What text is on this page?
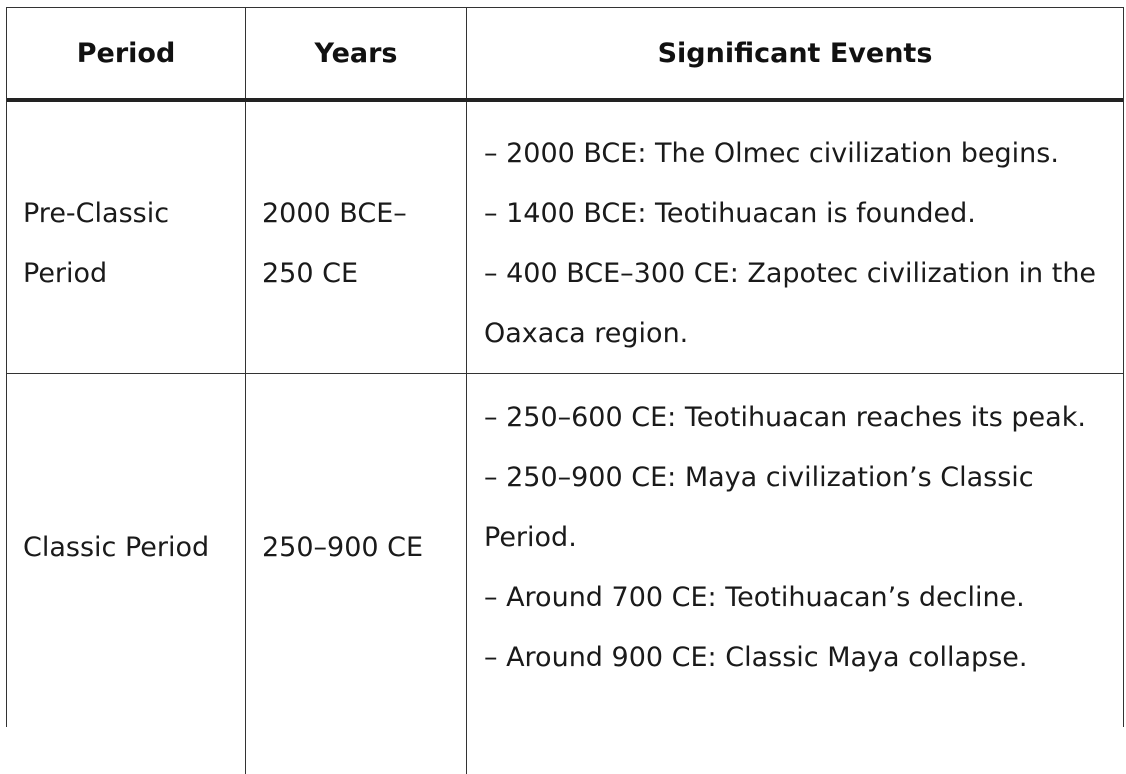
Period	Years	Significant Events
Pre-Classic
Period
2000 BCE–
250 CE
– 2000 BCE: The Olmec civilization begins.
– 1400 BCE: Teotihuacan is founded.
– 400 BCE–300 CE: Zapotec civilization in the
Oaxaca region.
Classic Period 250–900 CE
– 250–600 CE: Teotihuacan reaches its peak.
– 250–900 CE: Maya civilization’s Classic
Period.
– Around 700 CE: Teotihuacan’s decline.
– Around 900 CE: Classic Maya collapse.
